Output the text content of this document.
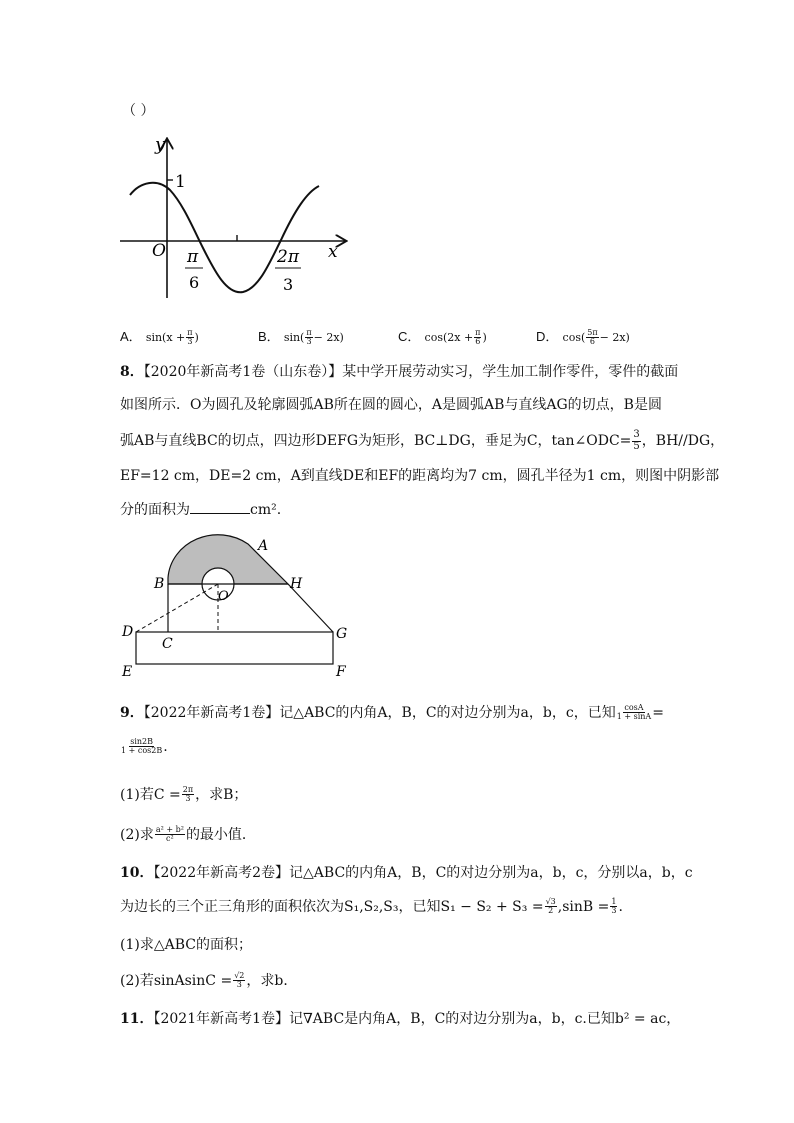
（ ）
y
x
1
O π
6
2π
3
A． $\sin(x + \frac{\pi}{3}$ )	B． $\sin( \frac{\pi}{3} - 2x)$	C． $\cos(2x + \frac{\pi}{6}$ )	D． $\cos( \frac{5\pi}{6} - 2x)$
8．【2020年新高考1卷（山东卷）】某中学开展劳动实习，学生加工制作零件，零件的截面
如图所示．O为圆孔及轮廓圆弧AB所在圆的圆心，A是圆弧AB与直线AG的切点，B是圆
弧AB与直线BC的切点，四边形DEFG为矩形，BC⊥DG，垂足为C，tan∠ODC= $\frac{3}{5}$ ，BH//DG，
EF=12 cm，DE=2 cm，A到直线DE和EF的距离均为7 cm，圆孔半径为1 cm，则图中阴影部
分的面积为	cm².
A
B	H
O
D
C
G
E	F
9．【2022年新高考1卷】记△ABC的内角A，B，C的对边分别为a，b，c，已知 $\frac{\cos A}{1 + \sin A}$ =
$\frac{\sin 2B}{1 + \cos 2B}$ .
(1)若$C = \frac{2\pi}{3}$ ，求B；
(2)求 $\frac{\text{a² + b²}}{\text{c²}}$ 的最小值．
10．【2022年新高考2卷】记△ABC的内角A，B，C的对边分别为a，b，c，分别以a，b，c
为边长的三个正三角形的面积依次为S₁,S₂,S₃，已知$S_1 - S_2 + S_3 = \frac{√3}{2} ,\sin B = \frac{1}{3}$ .
(1)求△ABC的面积；
(2)若sinAsinC = $\frac{√2}{3}$ ，求b．
11．【2021年新高考1卷】记∇ABC是内角A，B，C的对边分别为a，b，c.已知b² = ac，
